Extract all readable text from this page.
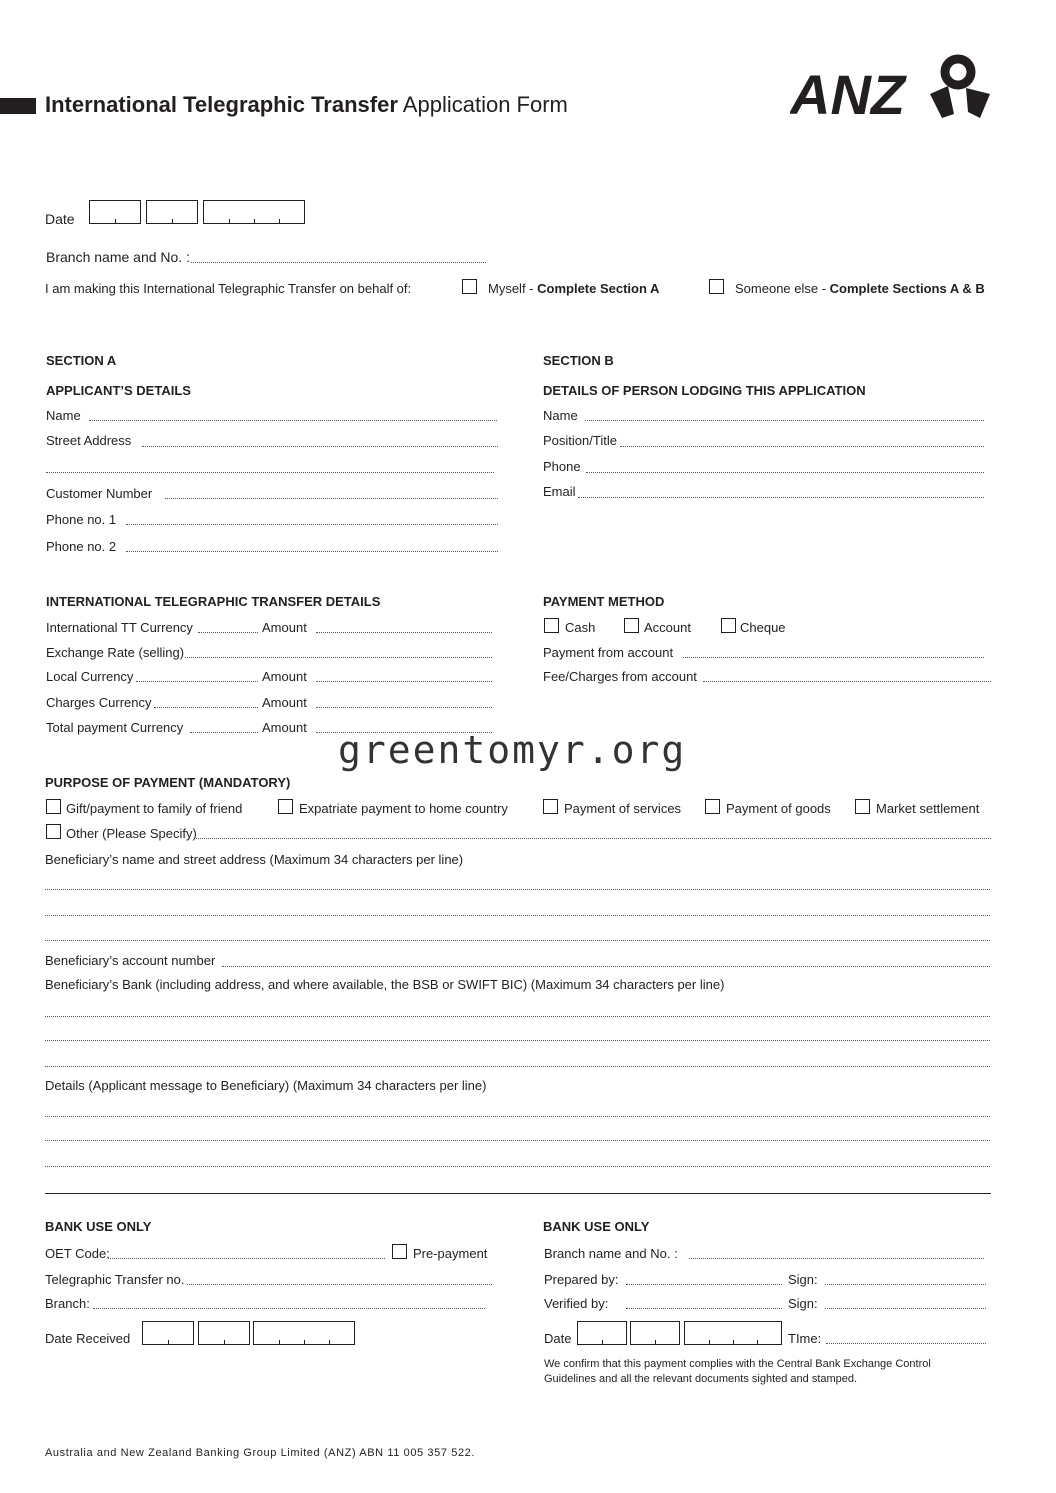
International Telegraphic Transfer Application Form	ANZ
Date
Branch name and No. :
I am making this International Telegraphic Transfer on behalf of:	Myself - Complete Section A	Someone else - Complete Sections A & B
SECTION A
APPLICANT’S DETAILS
Name
Street Address
Customer Number
Phone no. 1
Phone no. 2
SECTION B
DETAILS OF PERSON LODGING THIS APPLICATION
Name
Position/Title
Phone
Email
INTERNATIONAL TELEGRAPHIC TRANSFER DETAILS
International TT Currency	Amount
Exchange Rate (selling)
Local Currency	Amount
Charges Currency	Amount
Total payment Currency	Amount
PAYMENT METHOD
Cash	Account	Cheque
Payment from account
Fee/Charges from account
greentomyr.org
PURPOSE OF PAYMENT (MANDATORY)
Gift/payment to family of friend	Expatriate payment to home country	Payment of services	Payment of goods	Market settlement
Other (Please Specify)
Beneficiary’s name and street address (Maximum 34 characters per line)
Beneficiary’s account number
Beneficiary’s Bank (including address, and where available, the BSB or SWIFT BIC) (Maximum 34 characters per line)
Details (Applicant message to Beneficiary) (Maximum 34 characters per line)
BANK USE ONLY
OET Code:	Pre-payment
Telegraphic Transfer no.
Branch:
Date Received
BANK USE ONLY
Branch name and No. :
Prepared by:	Sign:
Verified by:	Sign:
Date	TIme:
We confirm that this payment complies with the Central Bank Exchange Control Guidelines and all the relevant documents sighted and stamped.
Australia and New Zealand Banking Group Limited (ANZ) ABN 11 005 357 522.
